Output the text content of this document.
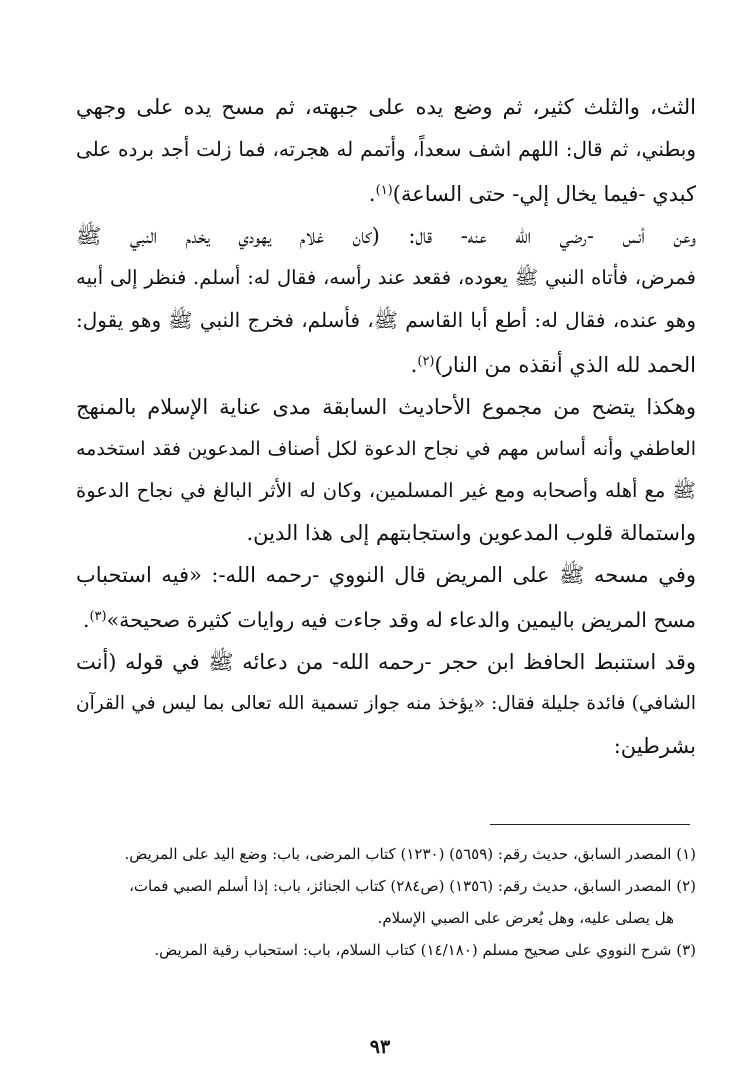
الثث، والثلث كثير، ثم وضع يده على جبهته، ثم مسح يده على وجهي
وبطني، ثم قال: اللهم اشف سعداً، وأتمم له هجرته، فما زلت أجد برده على
كبدي -فيما يخال إلي- حتى الساعة)$^{(١)}$.

وعن أنس -رضي الله عنه- قال: (كان غلام يهودي يخدم النبي ﷺ
فمرض، فأتاه النبي ﷺ يعوده، فقعد عند رأسه، فقال له: أسلم. فنظر إلى أبيه
وهو عنده، فقال له: أطع أبا القاسم ﷺ، فأسلم، فخرج النبي ﷺ وهو يقول:
الحمد لله الذي أنقذه من النار)$^{(٢)}$.

وهكذا يتضح من مجموع الأحاديث السابقة مدى عناية الإسلام بالمنهج
العاطفي وأنه أساس مهم في نجاح الدعوة لكل أصناف المدعوين فقد استخدمه
ﷺ مع أهله وأصحابه ومع غير المسلمين، وكان له الأثر البالغ في نجاح الدعوة
واستمالة قلوب المدعوين واستجابتهم إلى هذا الدين.

وفي مسحه ﷺ على المريض قال النووي -رحمه الله-: «فيه استحباب
مسح المريض باليمين والدعاء له وقد جاءت فيه روايات كثيرة صحيحة»$^{(٣)}$.

وقد استنبط الحافظ ابن حجر -رحمه الله- من دعائه ﷺ في قوله (أنت
الشافي) فائدة جليلة فقال: «يؤخذ منه جواز تسمية الله تعالى بما ليس في القرآن
بشرطين:

(١) المصدر السابق، حديث رقم: (٥٦٥٩) (١٢٣٠) كتاب المرضى، باب: وضع اليد على المريض.
(٢) المصدر السابق، حديث رقم: (١٣٥٦) (ص٢٨٤) كتاب الجنائز، باب: إذا أسلم الصبي فمات،
هل يصلى عليه، وهل يُعرض على الصبي الإسلام.
(٣) شرح النووي على صحيح مسلم (١٤/١٨٠) كتاب السلام، باب: استحباب رقية المريض.
٩٣
